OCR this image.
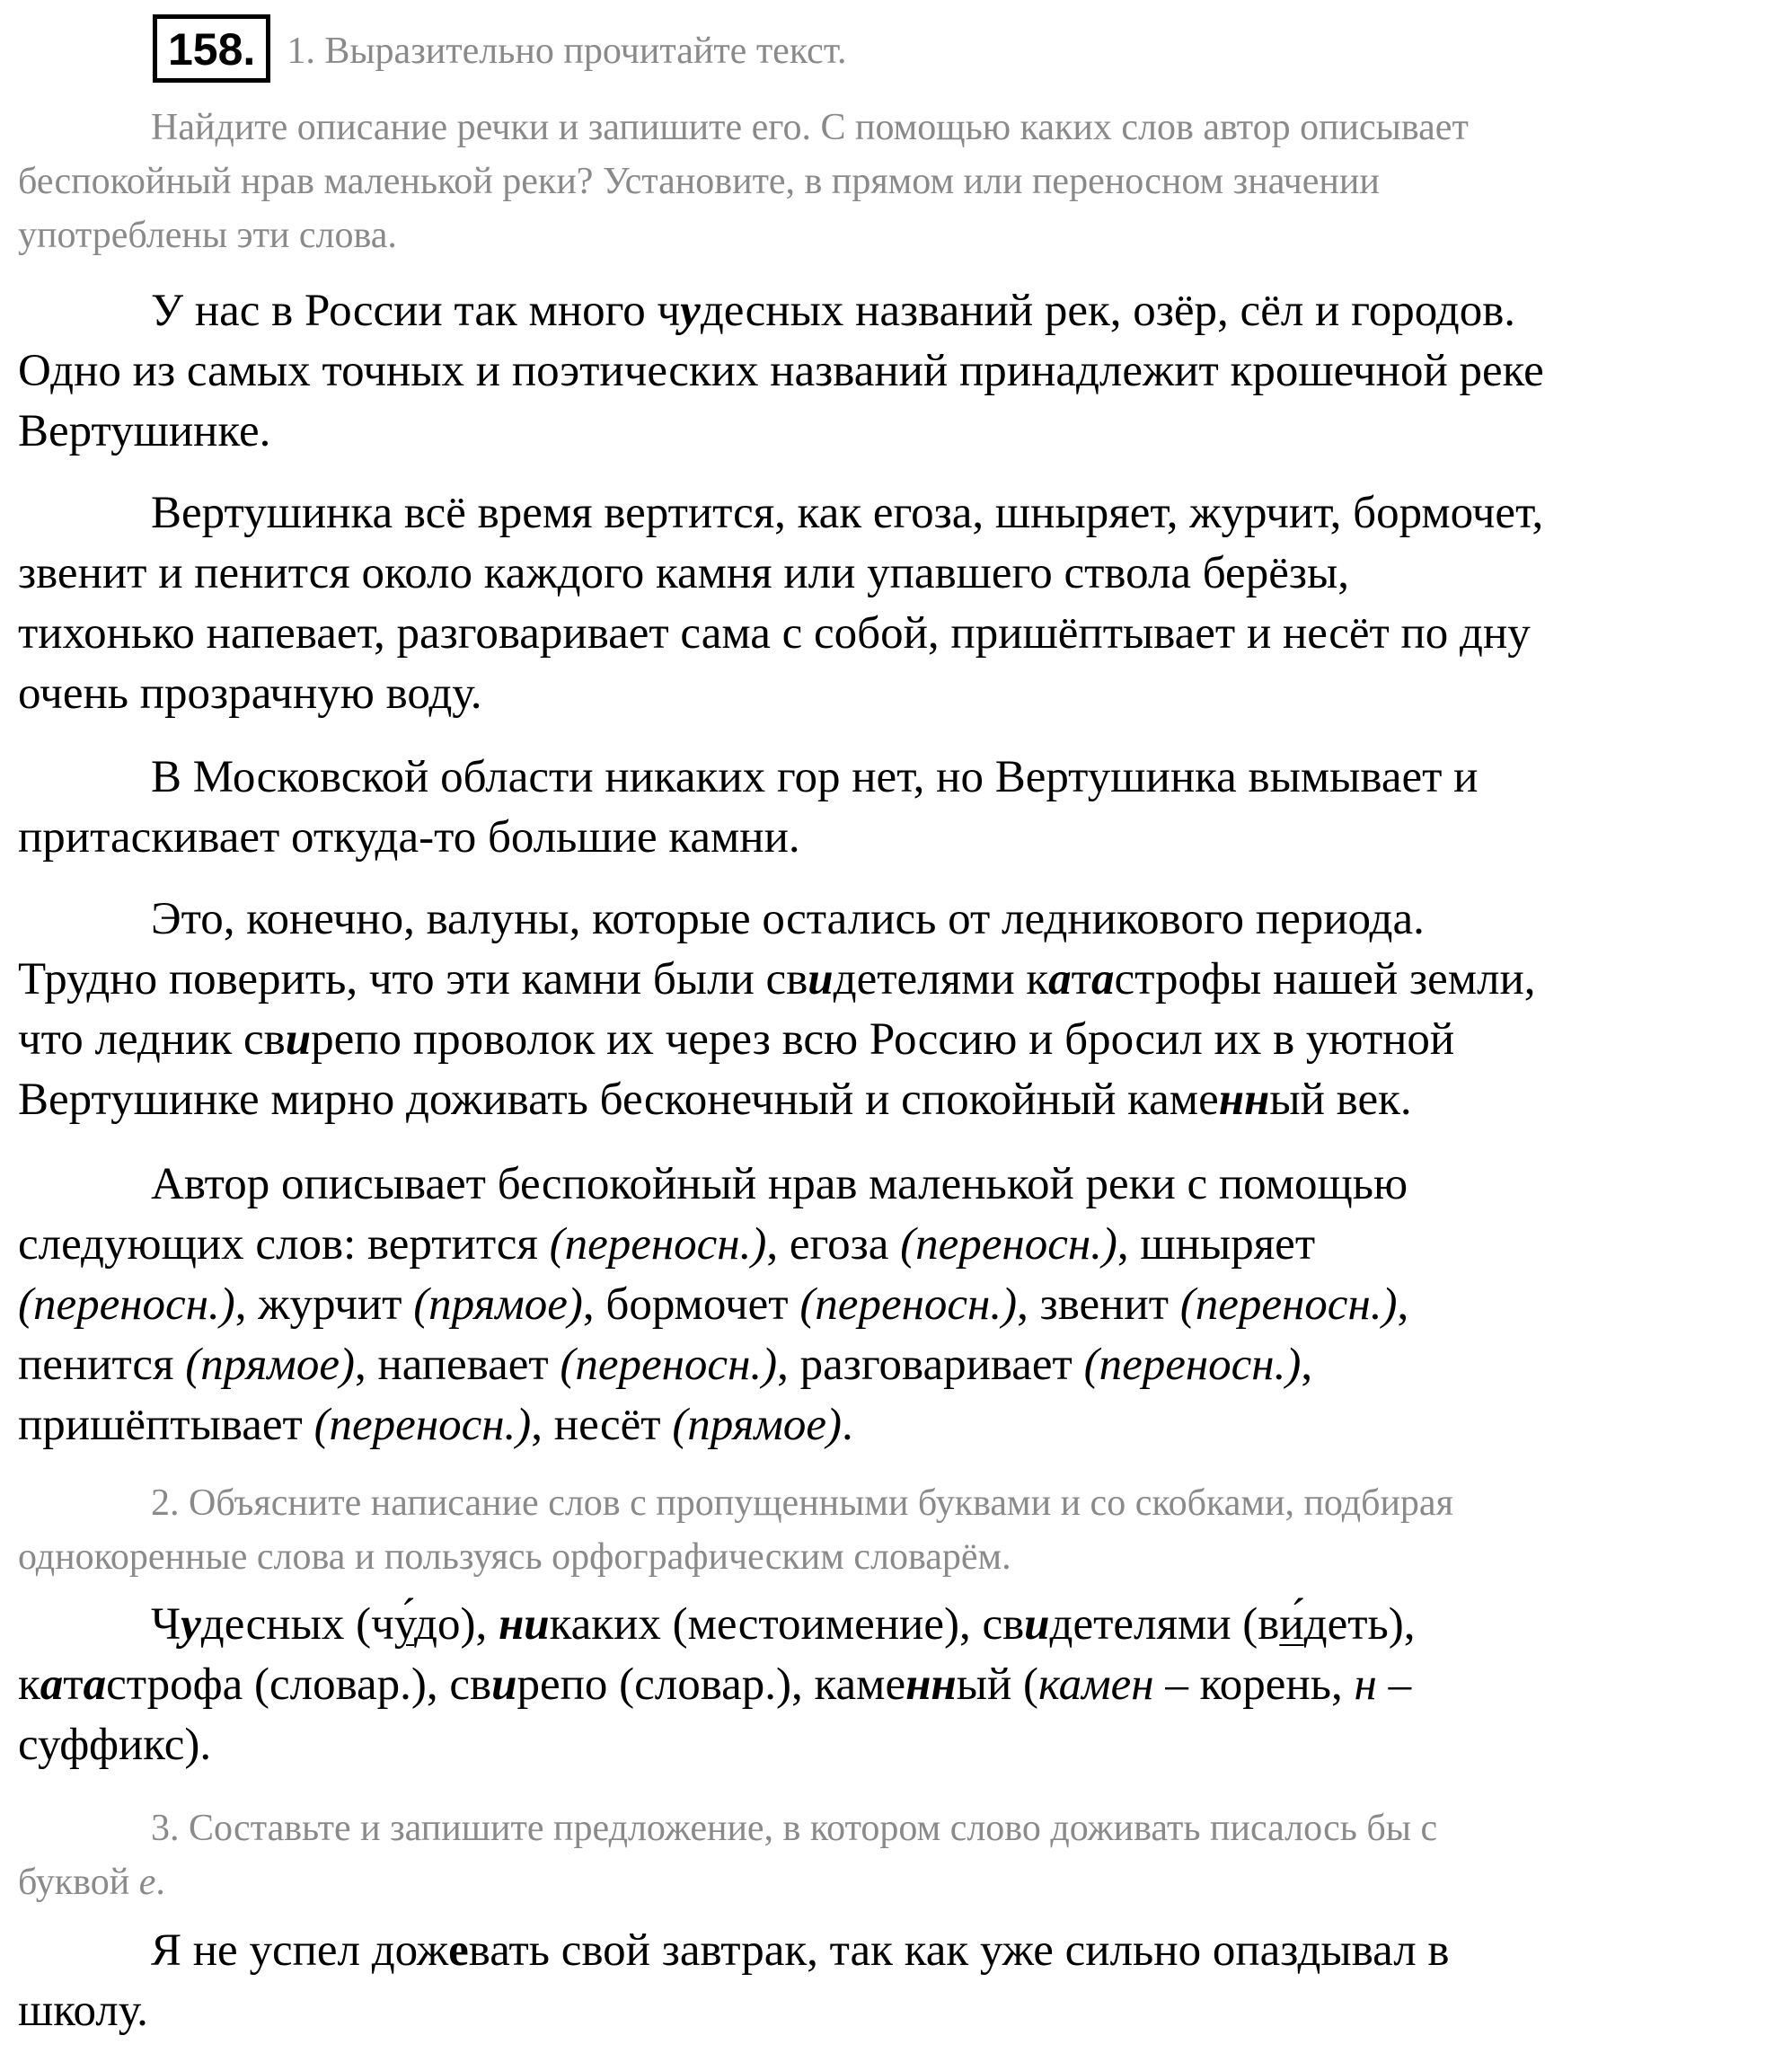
158. 1. Выразительно прочитайте текст.
Найдите описание речки и запишите его. С помощью каких слов автор описывает
беспокойный нрав маленькой реки? Установите, в прямом или переносном значении
употреблены эти слова.
У нас в России так много чудесных названий рек, озёр, сёл и городов.
Одно из самых точных и поэтических названий принадлежит крошечной реке
Вертушинке.
Вертушинка всё время вертится, как егоза, шныряет, журчит, бормочет,
звенит и пенится около каждого камня или упавшего ствола берёзы,
тихонько напевает, разговаривает сама с собой, пришёптывает и несёт по дну
очень прозрачную воду.
В Московской области никаких гор нет, но Вертушинка вымывает и
притаскивает откуда-то большие камни.
Это, конечно, валуны, которые остались от ледникового периода.
Трудно поверить, что эти камни были свидетелями катастрофы нашей земли,
что ледник свирепо проволок их через всю Россию и бросил их в уютной
Вертушинке мирно доживать бесконечный и спокойный каменный век.
Автор описывает беспокойный нрав маленькой реки с помощью
следующих слов: вертится (переносн.), егоза (переносн.), шныряет
(переносн.), журчит (прямое), бормочет (переносн.), звенит (переносн.),
пенится (прямое), напевает (переносн.), разговаривает (переносн.),
пришёптывает (переносн.), несёт (прямое).
2. Объясните написание слов с пропущенными буквами и со скобками, подбирая
однокоренные слова и пользуясь орфографическим словарём.
Чудесных (чу́до), никаких (местоимение), свидетелями (ви́деть),
катастрофа (словар.), свирепо (словар.), каменный (камен – корень, н –
суффикс).
3. Составьте и запишите предложение, в котором слово доживать писалось бы с
буквой е.
Я не успел дожевать свой завтрак, так как уже сильно опаздывал в
школу.
